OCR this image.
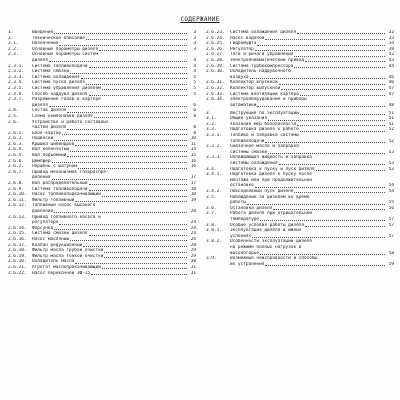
СОДЕРЖАНИЕ
1.	Введение	3
2.	Техническое описание	3
2.1.	Назначение	3
2.2.	Основные параметры дизеля	3
2.3.	Основные параметры систем
дизеля	4
2.3.1.	Система топливоподачи	4
2.3.2.	Система смазки	4
2.3.3.	Система охлаждения	5
2.3.4.	Система пуска дизеля	5
2.3.5.	Система управления дизелем	5
2.3.6.	Способ наддува дизеля	5
2.3.7.	Разрежение газов в картере
дизеля	6
2.4.	Состав дизеля	6
2.5.	Схема компоновки дизеля	8
2.6.	Устройство и работа составных
частей дизеля	8
2.6.1.	Блок-картер	8
2.6.2.	Подвески	10
2.6.3.	Крышка цилиндров	11
2.6.4.	Вал коленчатый	14
2.6.5.	Вал подъемный	15
2.6.6.	Демпфер	16
2.6.7.	Поршень с шатуном	16
2.6.7.	Привод механизмов газораспре-
деления	17
2.6.8.	Вал распределительный	17
2.6.9.	Система топливоподачи	18
2.6.10.	Насос топливоподкачивающий	18
2.6.11.	Фильтр топливный	19
2.6.12.	Топливный насос высокого
давления	20
2.6.13.	Привод топливного насоса и
регулятора	24
2.6.14.	Форсунка	24
2.6.15.	Система смазки дизеля	24
2.6.16.	Насос масляный	26
2.6.17.	Клапан редукционный	28
2.6.18.	Фильтр масла грубой очистки	29
2.6.19.	Фильтр масла тонкой очистки	29
2.6.20.	Охладитель масла	30
2.6.21.	Агрегат маслопрокачивающий	31
2.6.22.	Насос перекачной ЭШ-25	31
2.6.23.	Система охлаждения дизеля	32
2.6.24.	Насос водяной	33
2.6.25.	Гидромуфта	34
2.6.26.	Регулятор	39
2.6.27.	Тяги и рычаги управления	42
2.6.28.	Электропневматический привод	43
2.6.29.	Система турбокомпрессора	44
2.6.30.	Охладитель наддувочного
воздуха	46
2.6.31.	Коллектор впускной	46
2.6.32.	Коллектор выпускной	47
2.6.33.	Система вентиляции картера	47
2.6.34.	Электрооборудование и приборы
автоматики	48
3.	Инструкция по эксплуатации	51
3.1.	Общие указания	51
3.2.	Указания мер безопасности	51
3.3.	Подготовка дизеля к работе	52
3.3.1.	Топливо и заправка системы
топливоподачи	52
3.3.2.	Смазочное масло и заправка
системы смазки	53
3.3.3.	Охлаждающая жидкость и заправка
системы охлаждения	53
3.4.	Подготовка к пуску и пуск дизеля	53
3.4.1.	Подготовка дизеля к пуску после
монтажа или при продолжительной
остановке	54
3.4.2.	Повседневный пуск дизеля	54
3.5.	Наблюдение за дизелем во время
работы	55
3.6.	Остановка дизеля	56
3.7.	Работа дизеля при отрицательной
температуре	57
3.8.	Особые условия работы дизеля	57
3.8.1.	Эксплуатация дизеля в южных
условиях	57
3.8.2.	Особенности эксплуатации дизеля
на режиме полных нагрузок в
высокогорье	58
3.9.	Возможные неисправности и способы
их устранения	59
